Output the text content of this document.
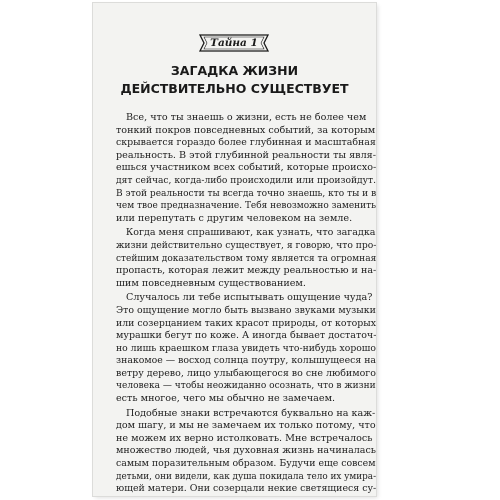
Тайна 1
ЗАГАДКА ЖИЗНИ
ДЕЙСТВИТЕЛЬНО СУЩЕСТВУЕТ
Все, что ты знаешь о жизни, есть не более чем
тонкий покров повседневных событий, за которым
скрывается гораздо более глубинная и масштабная
реальность. В этой глубинной реальности ты явля-
ешься участником всех событий, которые происхо-
дят сейчас, когда-либо происходили или произойдут.
В этой реальности ты всегда точно знаешь, кто ты и в
чем твое предназначение. Тебя невозможно заменить
или перепутать с другим человеком на земле.
Когда меня спрашивают, как узнать, что загадка
жизни действительно существует, я говорю, что про-
стейшим доказательством тому является та огромная
пропасть, которая лежит между реальностью и на-
шим повседневным существованием.
Случалось ли тебе испытывать ощущение чуда?
Это ощущение могло быть вызвано звуками музыки
или созерцанием таких красот природы, от которых
мурашки бегут по коже. А иногда бывает достаточ-
но лишь краешком глаза увидеть что-нибудь хорошо
знакомое — восход солнца поутру, колышущееся на
ветру дерево, лицо улыбающегося во сне любимого
человека — чтобы неожиданно осознать, что в жизни
есть многое, чего мы обычно не замечаем.
Подобные знаки встречаются буквально на каж-
дом шагу, и мы не замечаем их только потому, что
не можем их верно истолковать. Мне встречалось
множество людей, чья духовная жизнь начиналась
самым поразительным образом. Будучи еще совсем
детьми, они видели, как душа покидала тело их умира-
ющей матери. Они созерцали некие светящиеся су-
